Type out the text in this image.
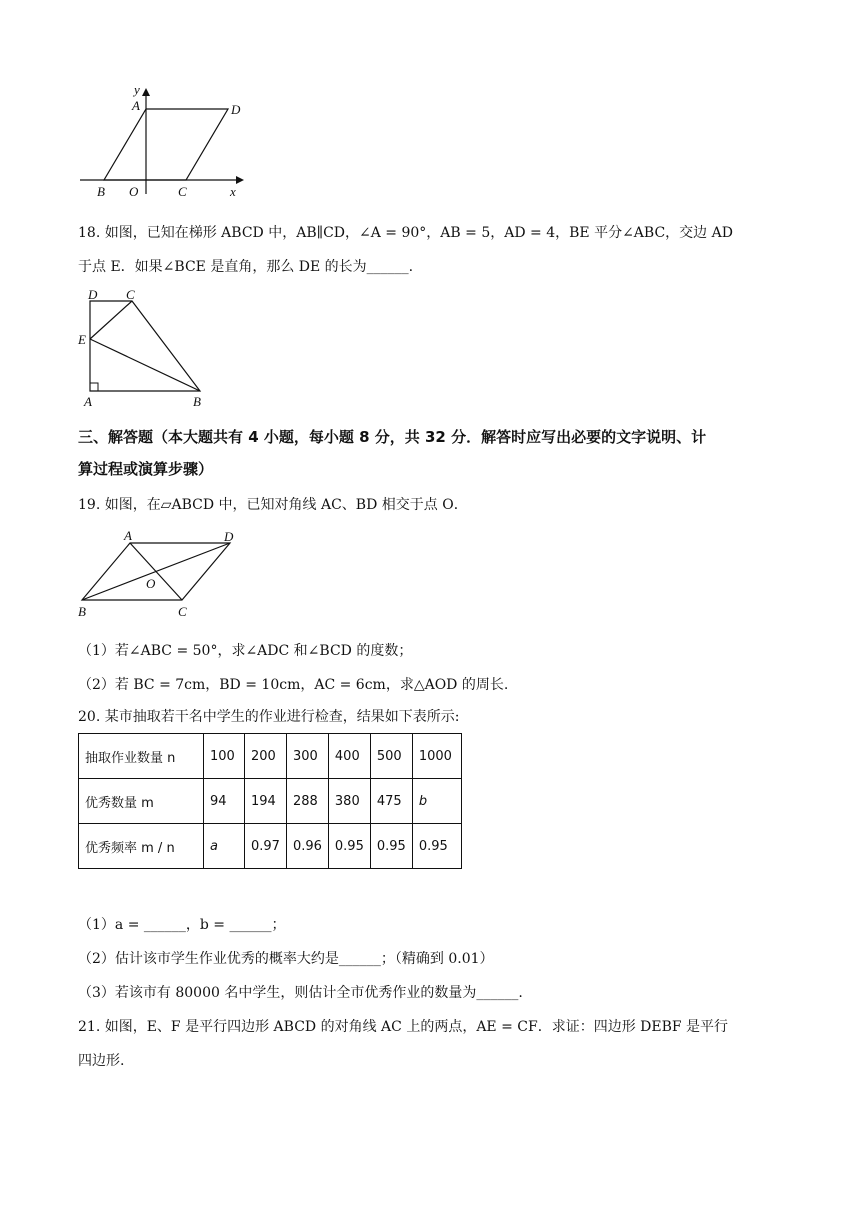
y
A	D
B O	C	x
18. 如图，已知在梯形 ABCD 中，AB∥CD，∠A = 90°，AB = 5，AD = 4，BE 平分∠ABC，交边 AD
于点 E．如果∠BCE 是直角，那么 DE 的长为______.
D C
E
A	B
三、解答题（本大题共有 4 小题，每小题 8 分，共 32 分．解答时应写出必要的文字说明、计
算过程或演算步骤）
19. 如图，在▱ABCD 中，已知对角线 AC、BD 相交于点 O．
A	D
O
B	C
（1）若∠ABC = 50°，求∠ADC 和∠BCD 的度数；
（2）若 BC = 7cm，BD = 10cm，AC = 6cm，求△AOD 的周长.
20. 某市抽取若干名中学生的作业进行检查，结果如下表所示:
抽取作业数量 n	100	200	300	400	500	1000
优秀数量 m	94	194	288	380	475	b
优秀频率 m / n	a	0.97	0.96	0.95	0.95	0.95
（1）a = ______，b = ______；
（2）估计该市学生作业优秀的概率大约是______；（精确到 0.01）
（3）若该市有 80000 名中学生，则估计全市优秀作业的数量为______.
21. 如图，E、F 是平行四边形 ABCD 的对角线 AC 上的两点，AE = CF．求证：四边形 DEBF 是平行
四边形.
